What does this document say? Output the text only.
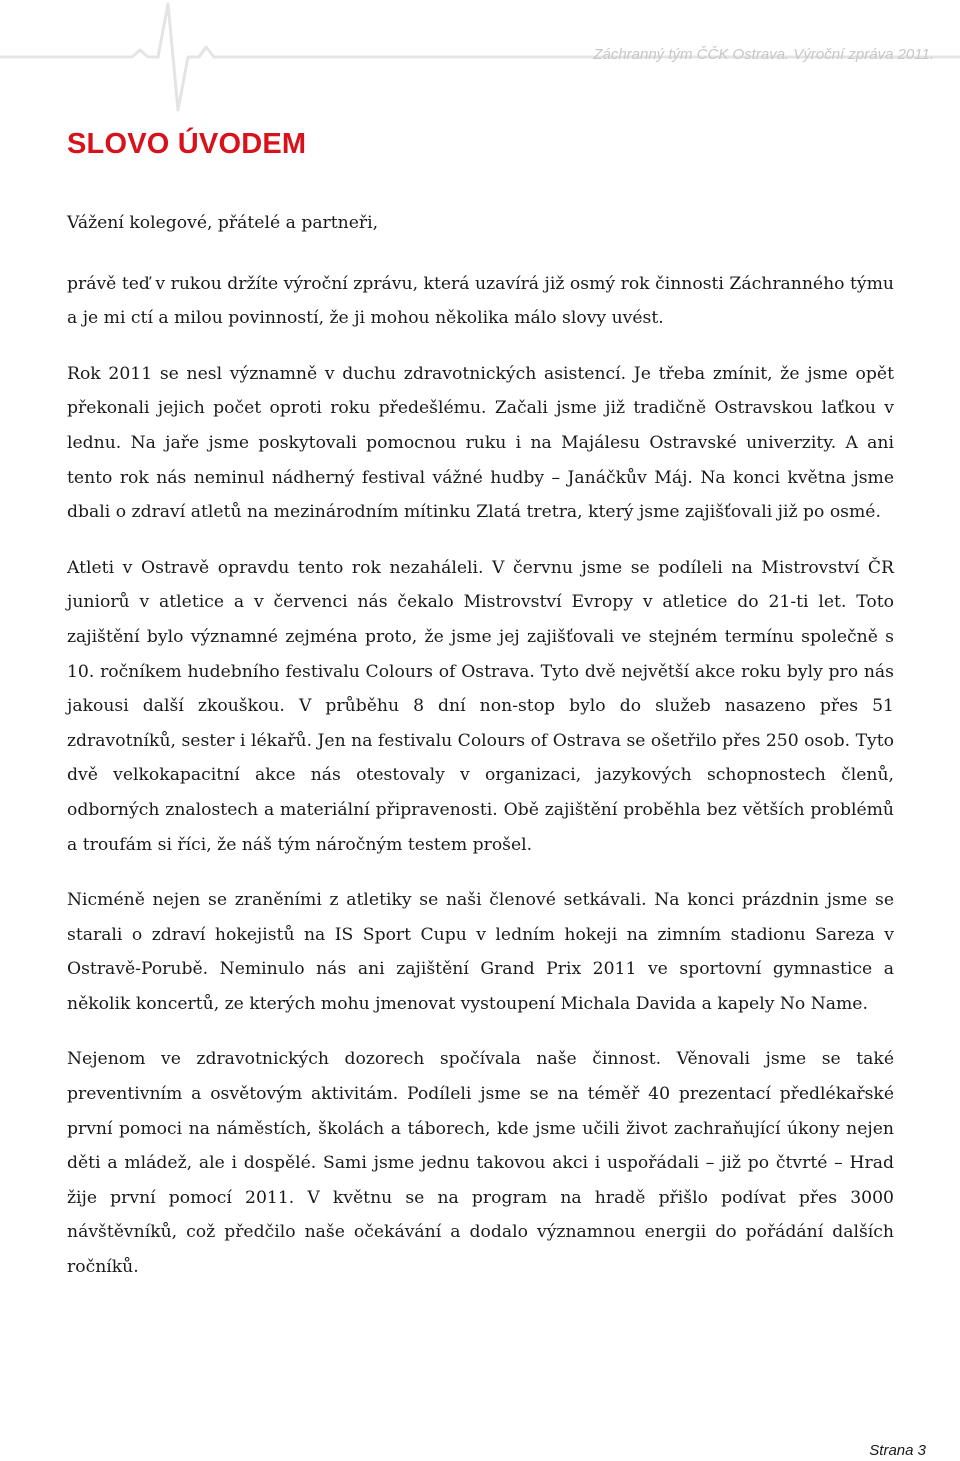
Záchranný tým ČČK Ostrava. Výroční zpráva 2011.
SLOVO ÚVODEM

Vážení kolegové, přátelé a partneři,

právě teď v rukou držíte výroční zprávu, která uzavírá již osmý rok činnosti Záchranného týmu a je mi ctí a milou povinností, že ji mohou několika málo slovy uvést.

Rok 2011 se nesl významně v duchu zdravotnických asistencí. Je třeba zmínit, že jsme opět překonali jejich počet oproti roku předešlému. Začali jsme již tradičně Ostravskou laťkou v lednu. Na jaře jsme poskytovali pomocnou ruku i na Majálesu Ostravské univerzity. A ani tento rok nás neminul nádherný festival vážné hudby – Janáčkův Máj. Na konci května jsme dbali o zdraví atletů na mezinárodním mítinku Zlatá tretra, který jsme zajišťovali již po osmé.

Atleti v Ostravě opravdu tento rok nezaháleli. V červnu jsme se podíleli na Mistrovství ČR juniorů v atletice a v červenci nás čekalo Mistrovství Evropy v atletice do 21-ti let. Toto zajištění bylo významné zejména proto, že jsme jej zajišťovali ve stejném termínu společně s 10. ročníkem hudebního festivalu Colours of Ostrava. Tyto dvě největší akce roku byly pro nás jakousi další zkouškou. V průběhu 8 dní non-stop bylo do služeb nasazeno přes 51 zdravotníků, sester i lékařů. Jen na festivalu Colours of Ostrava se ošetřilo přes 250 osob. Tyto dvě velkokapacitní akce nás otestovaly v organizaci, jazykových schopnostech členů, odborných znalostech a materiální připravenosti. Obě zajištění proběhla bez větších problémů a troufám si říci, že náš tým náročným testem prošel.

Nicméně nejen se zraněními z atletiky se naši členové setkávali. Na konci prázdnin jsme se starali o zdraví hokejistů na IS Sport Cupu v ledním hokeji na zimním stadionu Sareza v Ostravě-Porubě. Neminulo nás ani zajištění Grand Prix 2011 ve sportovní gymnastice a několik koncertů, ze kterých mohu jmenovat vystoupení Michala Davida a kapely No Name.

Nejenom ve zdravotnických dozorech spočívala naše činnost. Věnovali jsme se také preventivním a osvětovým aktivitám. Podíleli jsme se na téměř 40 prezentací předlékařské první pomoci na náměstích, školách a táborech, kde jsme učili život zachraňující úkony nejen děti a mládež, ale i dospělé. Sami jsme jednu takovou akci i uspořádali – již po čtvrté – Hrad žije první pomocí 2011. V květnu se na program na hradě přišlo podívat přes 3000 návštěvníků, což předčilo naše očekávání a dodalo významnou energii do pořádání dalších ročníků.

Strana 3
